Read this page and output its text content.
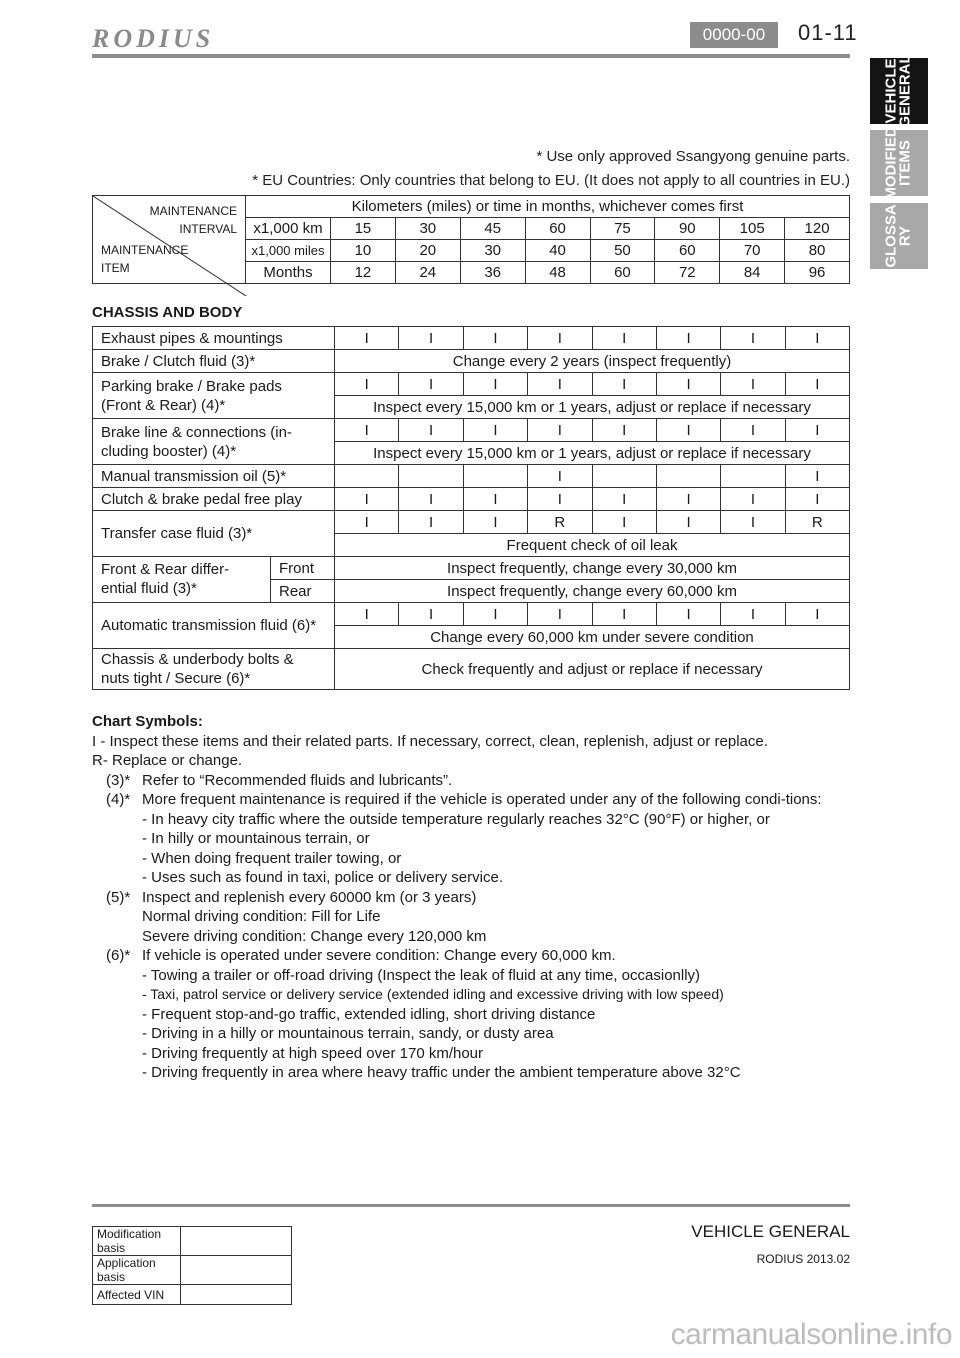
RODIUS	0000-00	01-11
VEHICLE
GENERAL
MODIFIED
ITEMS
GLOSSA
RY
* Use only approved Ssangyong genuine parts.
* EU Countries: Only countries that belong to EU. (It does not apply to all countries in EU.)
MAINTENANCE
INTERVAL
MAINTENANCE
ITEM	Kilometers (miles) or time in months, whichever comes first								
	x1,000 km	15	30	45	60	75	90	105	120
	x1,000 miles	10	20	30	40	50	60	70	80
	Months	12	24	36	48	60	72	84	96
CHASSIS AND BODY
Exhaust pipes & mountings		I	I	I	I	I	I	I	I
Brake / Clutch fluid (3)*		Change every 2 years (inspect frequently)							
Parking brake / Brake pads (Front & Rear) (4)*		I	I	I	I	I	I	I	I
		Inspect every 15,000 km or 1 years, adjust or replace if necessary							
Brake line & connections (in-cluding booster) (4)*		I	I	I	I	I	I	I	I
		Inspect every 15,000 km or 1 years, adjust or replace if necessary							
Manual transmission oil (5)*					I				I
Clutch & brake pedal free play		I	I	I	I	I	I	I	I
Transfer case fluid (3)*		I	I	I	R	I	I	I	R
		Frequent check of oil leak							
Front & Rear differ-ential fluid (3)*	Front	Inspect frequently, change every 30,000 km							
	Rear	Inspect frequently, change every 60,000 km							
Automatic transmission fluid (6)*		I	I	I	I	I	I	I	I
		Change every 60,000 km under severe condition							
Chassis & underbody bolts & nuts tight / Secure (6)*		Check frequently and adjust or replace if necessary							
Chart Symbols:
I - Inspect these items and their related parts. If necessary, correct, clean, replenish, adjust or replace.
R- Replace or change.
(3)* Refer to “Recommended fluids and lubricants”.
(4)* More frequent maintenance is required if the vehicle is operated under any of the following condi-tions:
- In heavy city traffic where the outside temperature regularly reaches 32°C (90°F) or higher, or
- In hilly or mountainous terrain, or
- When doing frequent trailer towing, or
- Uses such as found in taxi, police or delivery service.
(5)* Inspect and replenish every 60000 km (or 3 years)
Normal driving condition: Fill for Life
Severe driving condition: Change every 120,000 km
(6)* If vehicle is operated under severe condition: Change every 60,000 km.
- Towing a trailer or off-road driving (Inspect the leak of fluid at any time, occasionlly)
- Taxi, patrol service or delivery service (extended idling and excessive driving with low speed)
- Frequent stop-and-go traffic, extended idling, short driving distance
- Driving in a hilly or mountainous terrain, sandy, or dusty area
- Driving frequently at high speed over 170 km/hour
- Driving frequently in area where heavy traffic under the ambient temperature above 32°C
Modification basis	
Application basis	
Affected VIN	
VEHICLE GENERAL
RODIUS 2013.02
carmanualsonline.info
